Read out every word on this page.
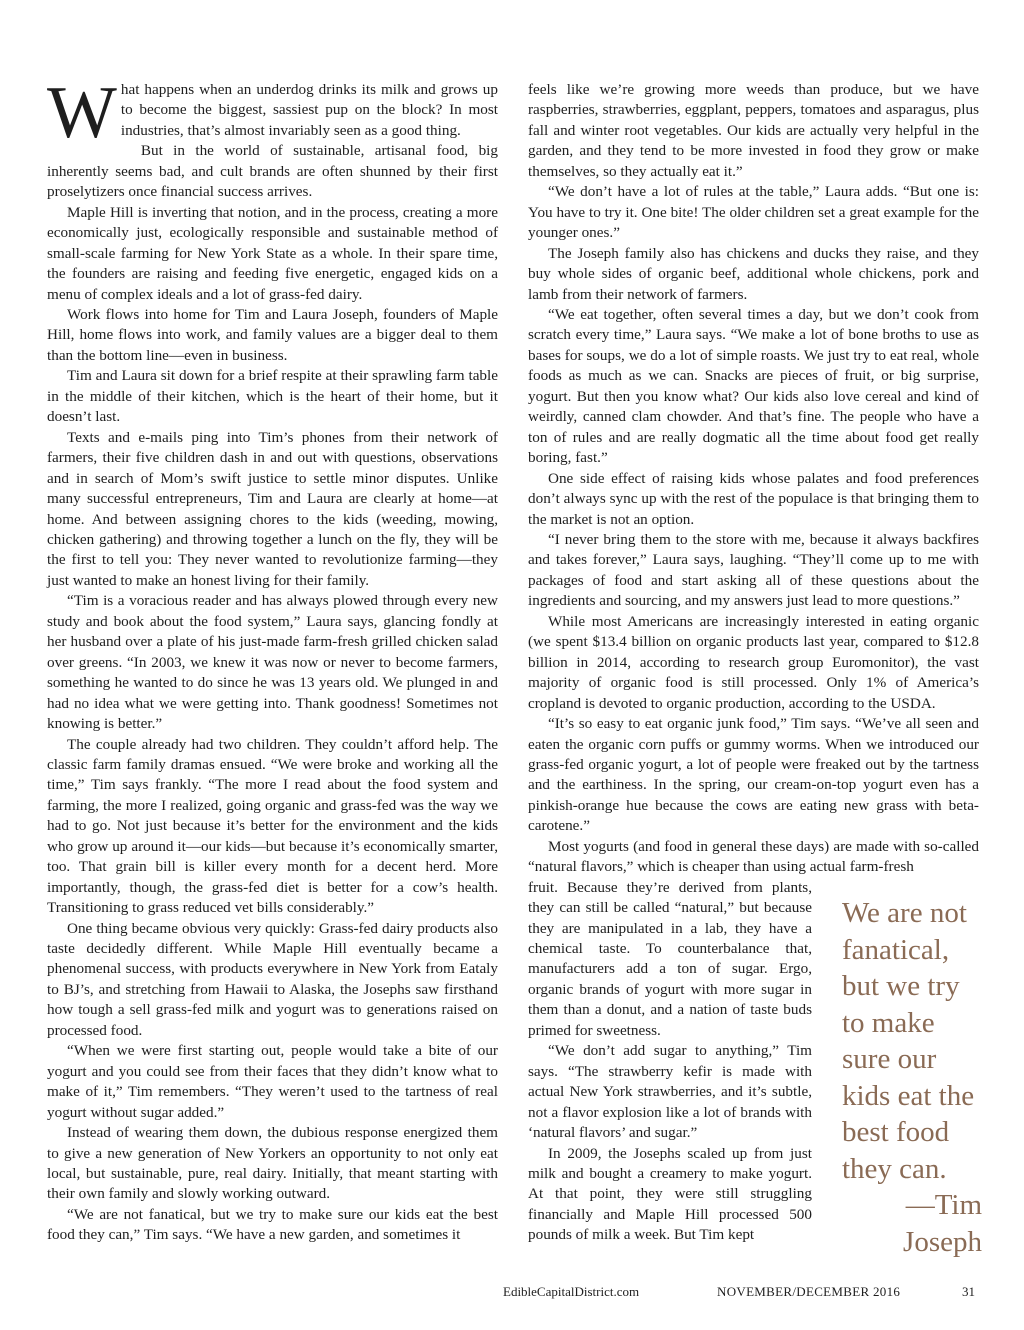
What happens when an underdog drinks its milk and grows up to become the biggest, sassiest pup on the block? In most industries, that’s almost invariably seen as a good thing.

But in the world of sustainable, artisanal food, big inherently seems bad, and cult brands are often shunned by their first proselytizers once financial success arrives.

Maple Hill is inverting that notion, and in the process, creating a more economically just, ecologically responsible and sustainable method of small-scale farming for New York State as a whole. In their spare time, the founders are raising and feeding five energetic, engaged kids on a menu of complex ideals and a lot of grass-fed dairy.

Work flows into home for Tim and Laura Joseph, founders of Maple Hill, home flows into work, and family values are a bigger deal to them than the bottom line—even in business.

Tim and Laura sit down for a brief respite at their sprawling farm table in the middle of their kitchen, which is the heart of their home, but it doesn’t last.

Texts and e-mails ping into Tim’s phones from their network of farmers, their five children dash in and out with questions, observations and in search of Mom’s swift justice to settle minor disputes. Unlike many successful entrepreneurs, Tim and Laura are clearly at home—at home. And between assigning chores to the kids (weeding, mowing, chicken gathering) and throwing together a lunch on the fly, they will be the first to tell you: They never wanted to revolutionize farming—they just wanted to make an honest living for their family.

“Tim is a voracious reader and has always plowed through every new study and book about the food system,” Laura says, glancing fondly at her husband over a plate of his just-made farm-fresh grilled chicken salad over greens. “In 2003, we knew it was now or never to become farmers, something he wanted to do since he was 13 years old. We plunged in and had no idea what we were getting into. Thank goodness! Sometimes not knowing is better.”

The couple already had two children. They couldn’t afford help. The classic farm family dramas ensued. “We were broke and working all the time,” Tim says frankly. “The more I read about the food system and farming, the more I realized, going organic and grass-fed was the way we had to go. Not just because it’s better for the environment and the kids who grow up around it—our kids—but because it’s economically smarter, too. That grain bill is killer every month for a decent herd. More importantly, though, the grass-fed diet is better for a cow’s health. Transitioning to grass reduced vet bills considerably.”

One thing became obvious very quickly: Grass-fed dairy products also taste decidedly different. While Maple Hill eventually became a phenomenal success, with products everywhere in New York from Eataly to BJ’s, and stretching from Hawaii to Alaska, the Josephs saw firsthand how tough a sell grass-fed milk and yogurt was to generations raised on processed food.

“When we were first starting out, people would take a bite of our yogurt and you could see from their faces that they didn’t know what to make of it,” Tim remembers. “They weren’t used to the tartness of real yogurt without sugar added.”

Instead of wearing them down, the dubious response energized them to give a new generation of New Yorkers an opportunity to not only eat local, but sustainable, pure, real dairy. Initially, that meant starting with their own family and slowly working outward.

“We are not fanatical, but we try to make sure our kids eat the best food they can,” Tim says. “We have a new garden, and sometimes it

feels like we’re growing more weeds than produce, but we have raspberries, strawberries, eggplant, peppers, tomatoes and asparagus, plus fall and winter root vegetables. Our kids are actually very helpful in the garden, and they tend to be more invested in food they grow or make themselves, so they actually eat it.”

“We don’t have a lot of rules at the table,” Laura adds. “But one is: You have to try it. One bite! The older children set a great example for the younger ones.”

The Joseph family also has chickens and ducks they raise, and they buy whole sides of organic beef, additional whole chickens, pork and lamb from their network of farmers.

“We eat together, often several times a day, but we don’t cook from scratch every time,” Laura says. “We make a lot of bone broths to use as bases for soups, we do a lot of simple roasts. We just try to eat real, whole foods as much as we can. Snacks are pieces of fruit, or big surprise, yogurt. But then you know what? Our kids also love cereal and kind of weirdly, canned clam chowder. And that’s fine. The people who have a ton of rules and are really dogmatic all the time about food get really boring, fast.”

One side effect of raising kids whose palates and food preferences don’t always sync up with the rest of the populace is that bringing them to the market is not an option.

“I never bring them to the store with me, because it always backfires and takes forever,” Laura says, laughing. “They’ll come up to me with packages of food and start asking all of these questions about the ingredients and sourcing, and my answers just lead to more questions.”

While most Americans are increasingly interested in eating organic (we spent $13.4 billion on organic products last year, compared to $12.8 billion in 2014, according to research group Euromonitor), the vast majority of organic food is still processed. Only 1% of America’s cropland is devoted to organic production, according to the USDA.

“It’s so easy to eat organic junk food,” Tim says. “We’ve all seen and eaten the organic corn puffs or gummy worms. When we introduced our grass-fed organic yogurt, a lot of people were freaked out by the tartness and the earthiness. In the spring, our cream-on-top yogurt even has a pinkish-orange hue because the cows are eating new grass with beta-carotene.”

Most yogurts (and food in general these days) are made with so-called “natural flavors,” which is cheaper than using actual farm-fresh

fruit. Because they’re derived from plants, they can still be called “natural,” but because they are manipulated in a lab, they have a chemical taste. To counterbalance that, manufacturers add a ton of sugar. Ergo, organic brands of yogurt with more sugar in them than a donut, and a nation of taste buds primed for sweetness.

“We don’t add sugar to anything,” Tim says. “The strawberry kefir is made with actual New York strawberries, and it’s subtle, not a flavor explosion like a lot of brands with ‘natural flavors’ and sugar.”

In 2009, the Josephs scaled up from just milk and bought a creamery to make yogurt. At that point, they were still struggling financially and Maple Hill processed 500 pounds of milk a week. But Tim kept

We are not fanatical, but we try to make sure our kids eat the best food they can.
—Tim Joseph
EdibleCapitalDistrict.com	NOVEMBER/DECEMBER 2016	31
